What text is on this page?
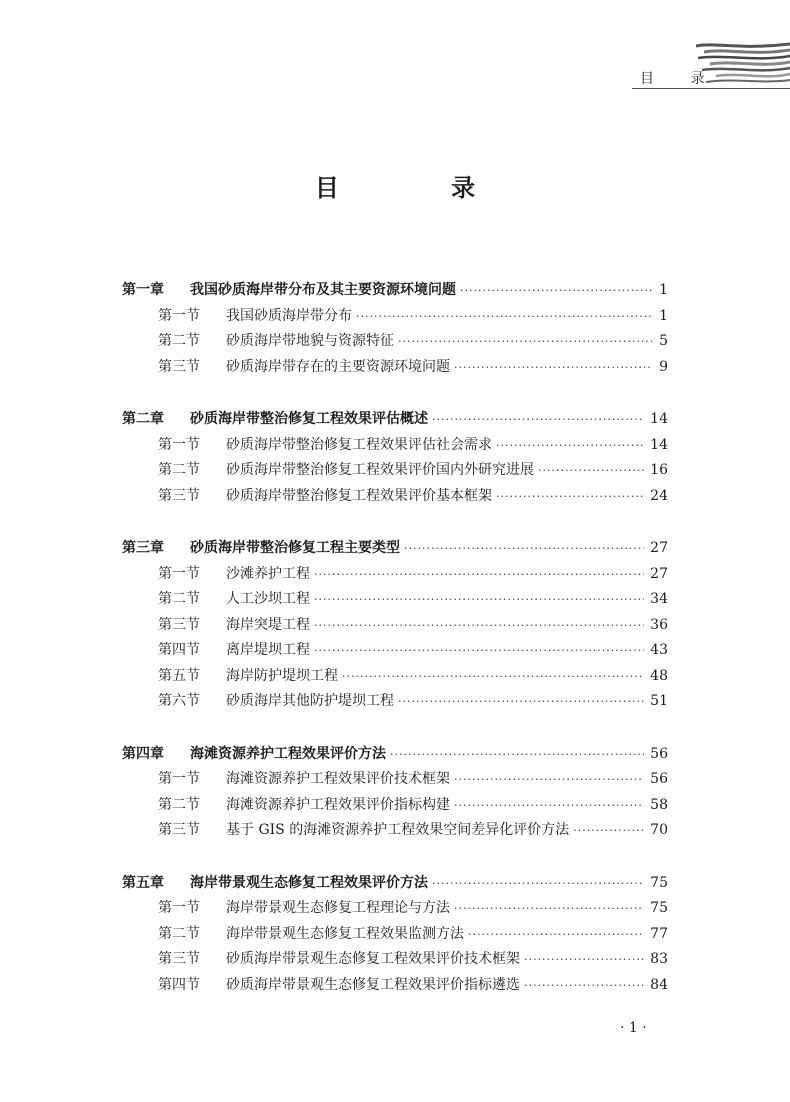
目 录
目 录
第一章	我国砂质海岸带分布及其主要资源环境问题 ·····	1
第一节	我国砂质海岸带分布 ·····	1
第二节	砂质海岸带地貌与资源特征 ·····	5
第三节	砂质海岸带存在的主要资源环境问题 ·····	9
第二章	砂质海岸带整治修复工程效果评估概述 ·····	14
第一节	砂质海岸带整治修复工程效果评估社会需求 ·····	14
第二节	砂质海岸带整治修复工程效果评价国内外研究进展 ·····	16
第三节	砂质海岸带整治修复工程效果评价基本框架 ·····	24
第三章	砂质海岸带整治修复工程主要类型 ·····	27
第一节	沙滩养护工程 ·····	27
第二节	人工沙坝工程 ·····	34
第三节	海岸突堤工程 ·····	36
第四节	离岸堤坝工程 ·····	43
第五节	海岸防护堤坝工程 ·····	48
第六节	砂质海岸其他防护堤坝工程 ·····	51
第四章	海滩资源养护工程效果评价方法 ·····	56
第一节	海滩资源养护工程效果评价技术框架 ·····	56
第二节	海滩资源养护工程效果评价指标构建 ·····	58
第三节	基于 GIS 的海滩资源养护工程效果空间差异化评价方法 ·····	70
第五章	海岸带景观生态修复工程效果评价方法 ·····	75
第一节	海岸带景观生态修复工程理论与方法 ·····	75
第二节	海岸带景观生态修复工程效果监测方法 ·····	77
第三节	砂质海岸带景观生态修复工程效果评价技术框架 ·····	83
第四节	砂质海岸带景观生态修复工程效果评价指标遴选 ·····	84
· 1 ·
